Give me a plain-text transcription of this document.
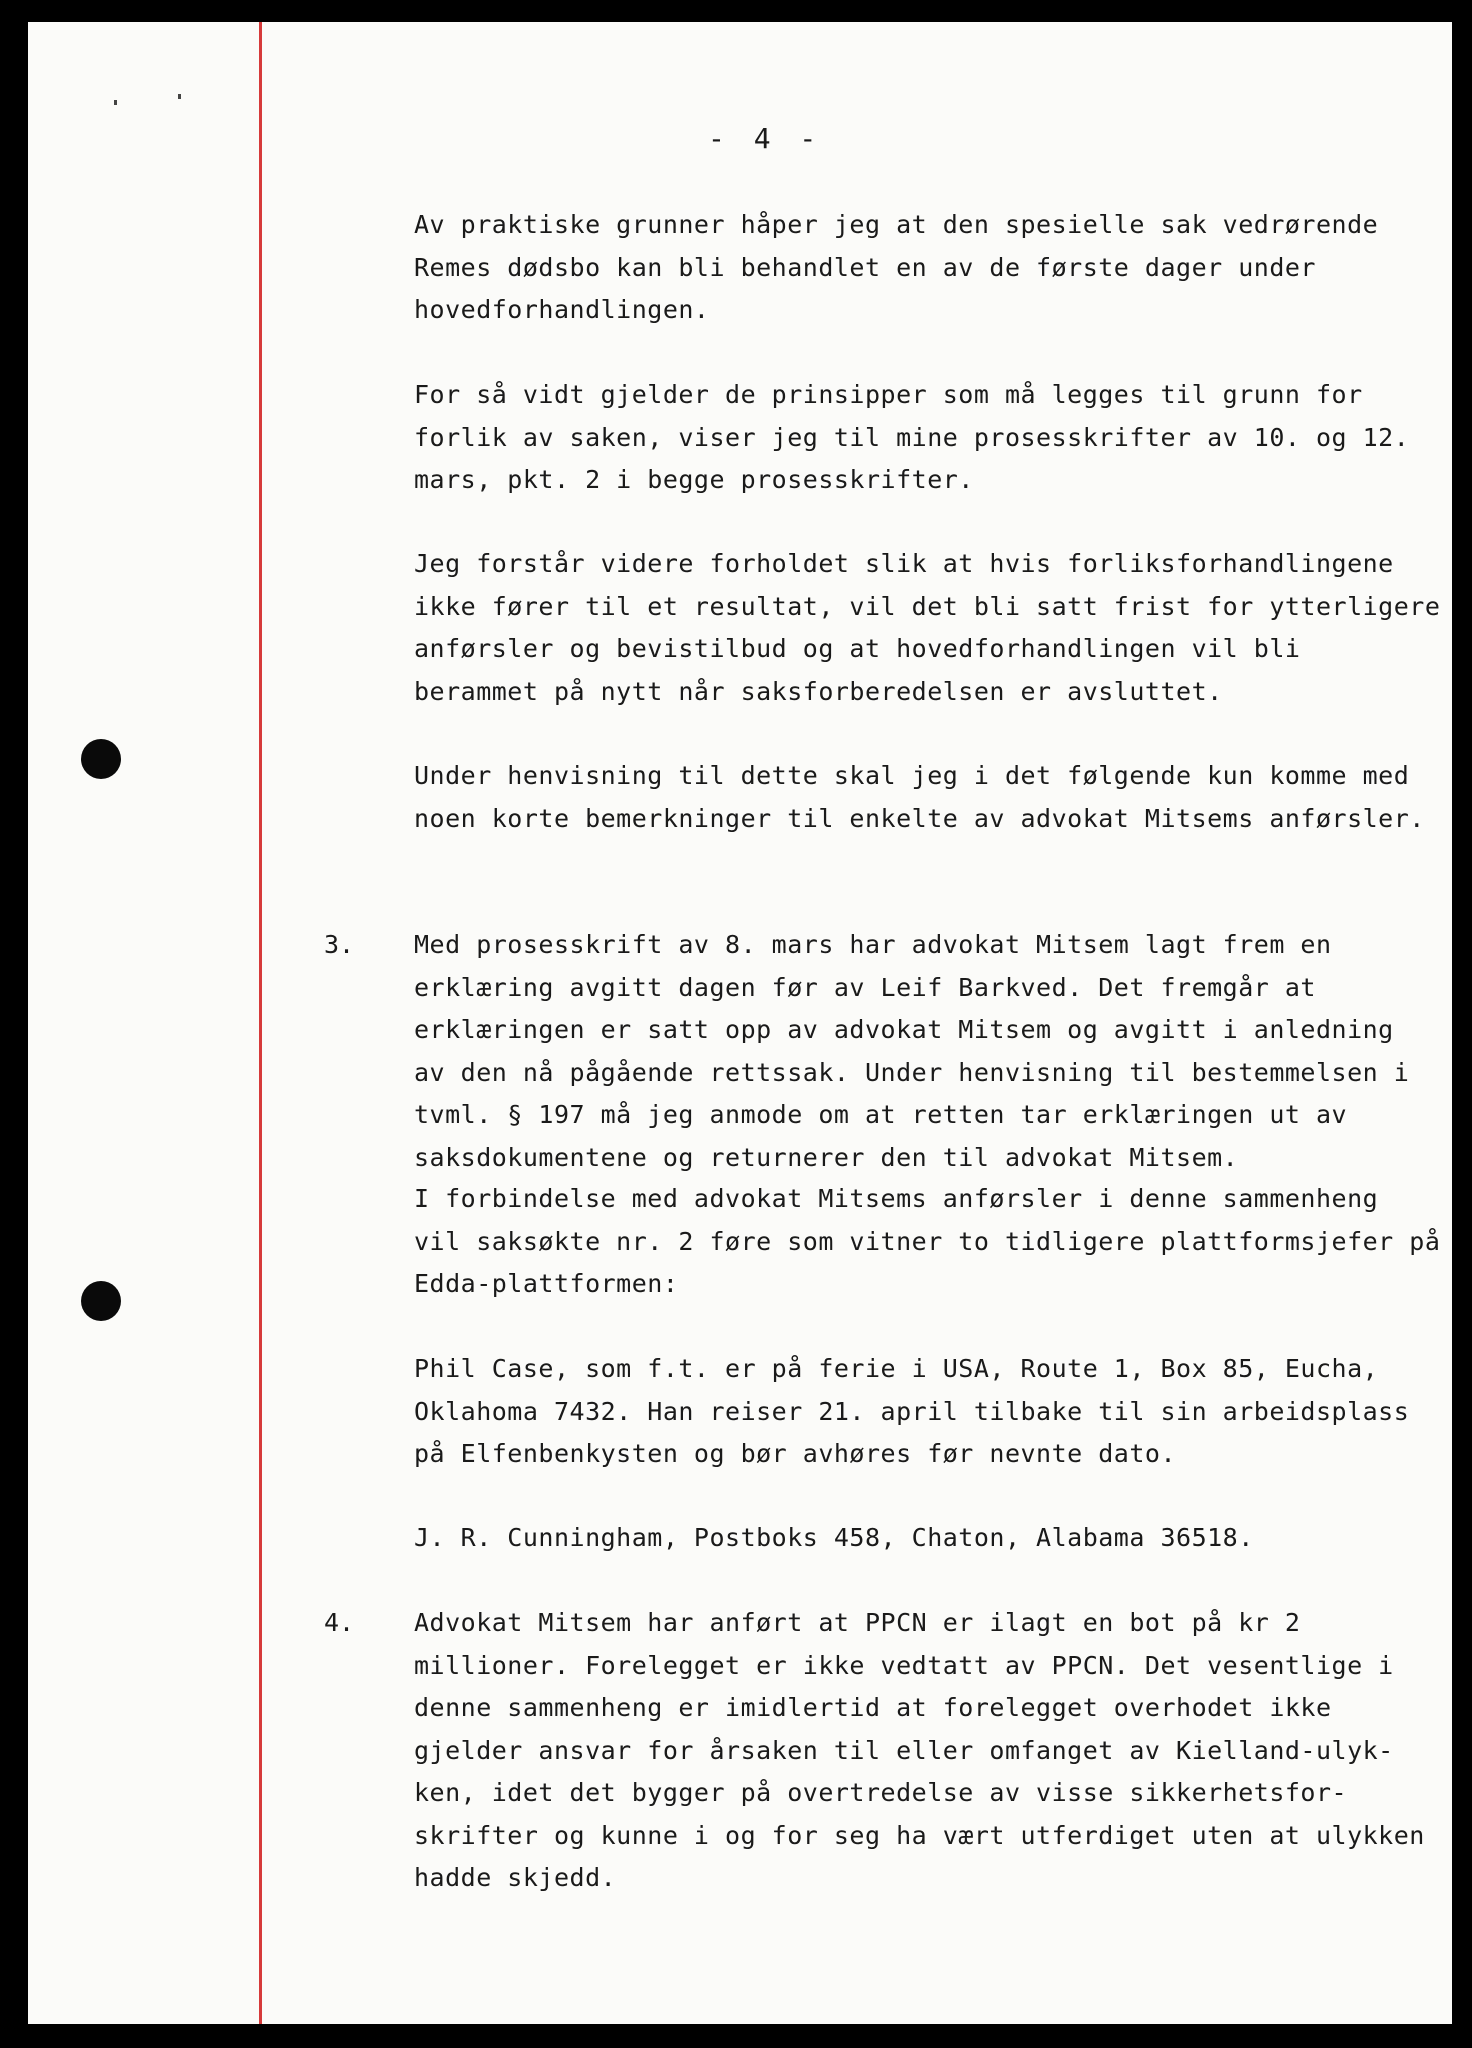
- 4 -
Av praktiske grunner håper jeg at den spesielle sak vedrørende
Remes dødsbo kan bli behandlet en av de første dager under
hovedforhandlingen.
For så vidt gjelder de prinsipper som må legges til grunn for
forlik av saken, viser jeg til mine prosesskrifter av 10. og 12.
mars, pkt. 2 i begge prosesskrifter.
Jeg forstår videre forholdet slik at hvis forliksforhandlingene
ikke fører til et resultat, vil det bli satt frist for ytterligere
anførsler og bevistilbud og at hovedforhandlingen vil bli
berammet på nytt når saksforberedelsen er avsluttet.
Under henvisning til dette skal jeg i det følgende kun komme med
noen korte bemerkninger til enkelte av advokat Mitsems anførsler.
3. Med prosesskrift av 8. mars har advokat Mitsem lagt frem en
erklæring avgitt dagen før av Leif Barkved. Det fremgår at
erklæringen er satt opp av advokat Mitsem og avgitt i anledning
av den nå pågående rettssak. Under henvisning til bestemmelsen i
tvml. § 197 må jeg anmode om at retten tar erklæringen ut av
saksdokumentene og returnerer den til advokat Mitsem.
I forbindelse med advokat Mitsems anførsler i denne sammenheng
vil saksøkte nr. 2 føre som vitner to tidligere plattformsjefer på
Edda-plattformen:
Phil Case, som f.t. er på ferie i USA, Route 1, Box 85, Eucha,
Oklahoma 7432. Han reiser 21. april tilbake til sin arbeidsplass
på Elfenbenkysten og bør avhøres før nevnte dato.
J. R. Cunningham, Postboks 458, Chaton, Alabama 36518.
4. Advokat Mitsem har anført at PPCN er ilagt en bot på kr 2
millioner. Forelegget er ikke vedtatt av PPCN. Det vesentlige i
denne sammenheng er imidlertid at forelegget overhodet ikke
gjelder ansvar for årsaken til eller omfanget av Kielland-ulyk-
ken, idet det bygger på overtredelse av visse sikkerhetsfor-
skrifter og kunne i og for seg ha vært utferdiget uten at ulykken
hadde skjedd.
